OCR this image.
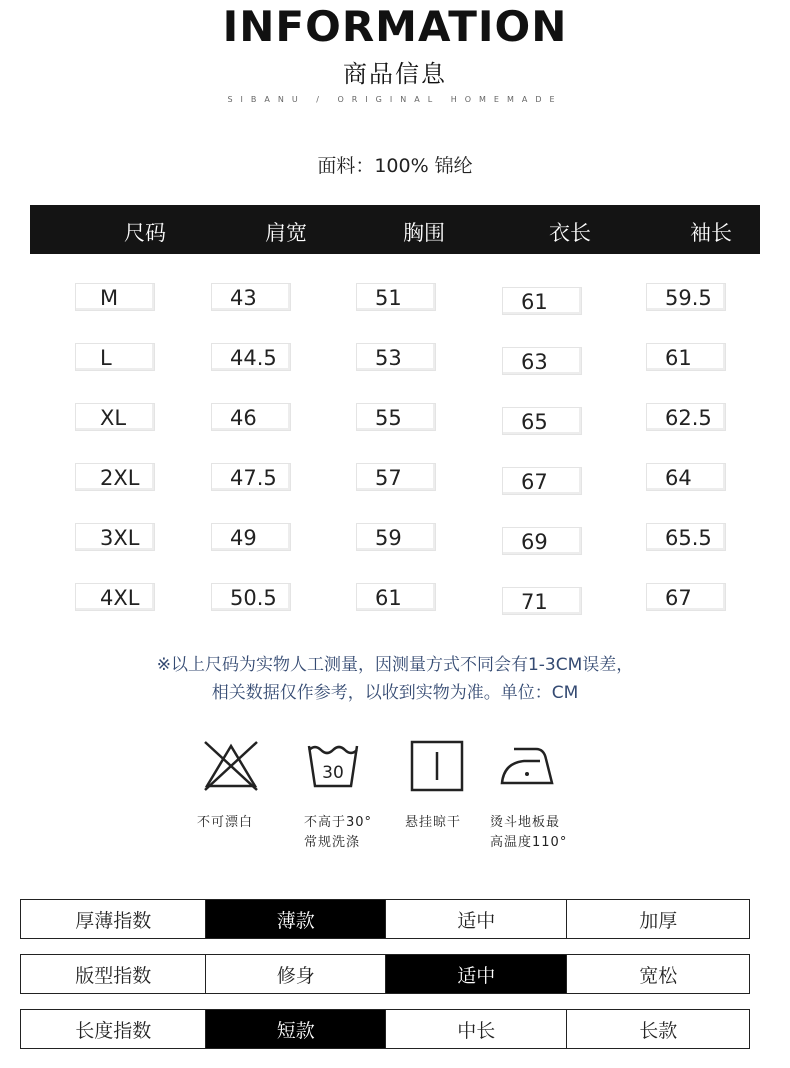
INFORMATION
商品信息
SIBANU / ORIGINAL HOMEMADE
面料：100% 锦纶
尺码	肩宽	胸围	衣长	袖长
M	43	51	61	59.5
L	44.5	53	63	61
XL	46	55	65	62.5
2XL	47.5	57	67	64
3XL	49	59	69	65.5
4XL	50.5	61	71	67
※以上尺码为实物人工测量，因测量方式不同会有1-3CM误差，
相关数据仅作参考，以收到实物为准。单位：CM
30
不可漂白	不高于30°
常规洗涤
悬挂晾干 烫斗地板最
高温度110°
厚薄指数	薄款	适中	加厚
版型指数	修身	适中	宽松
长度指数	短款	中长	长款
